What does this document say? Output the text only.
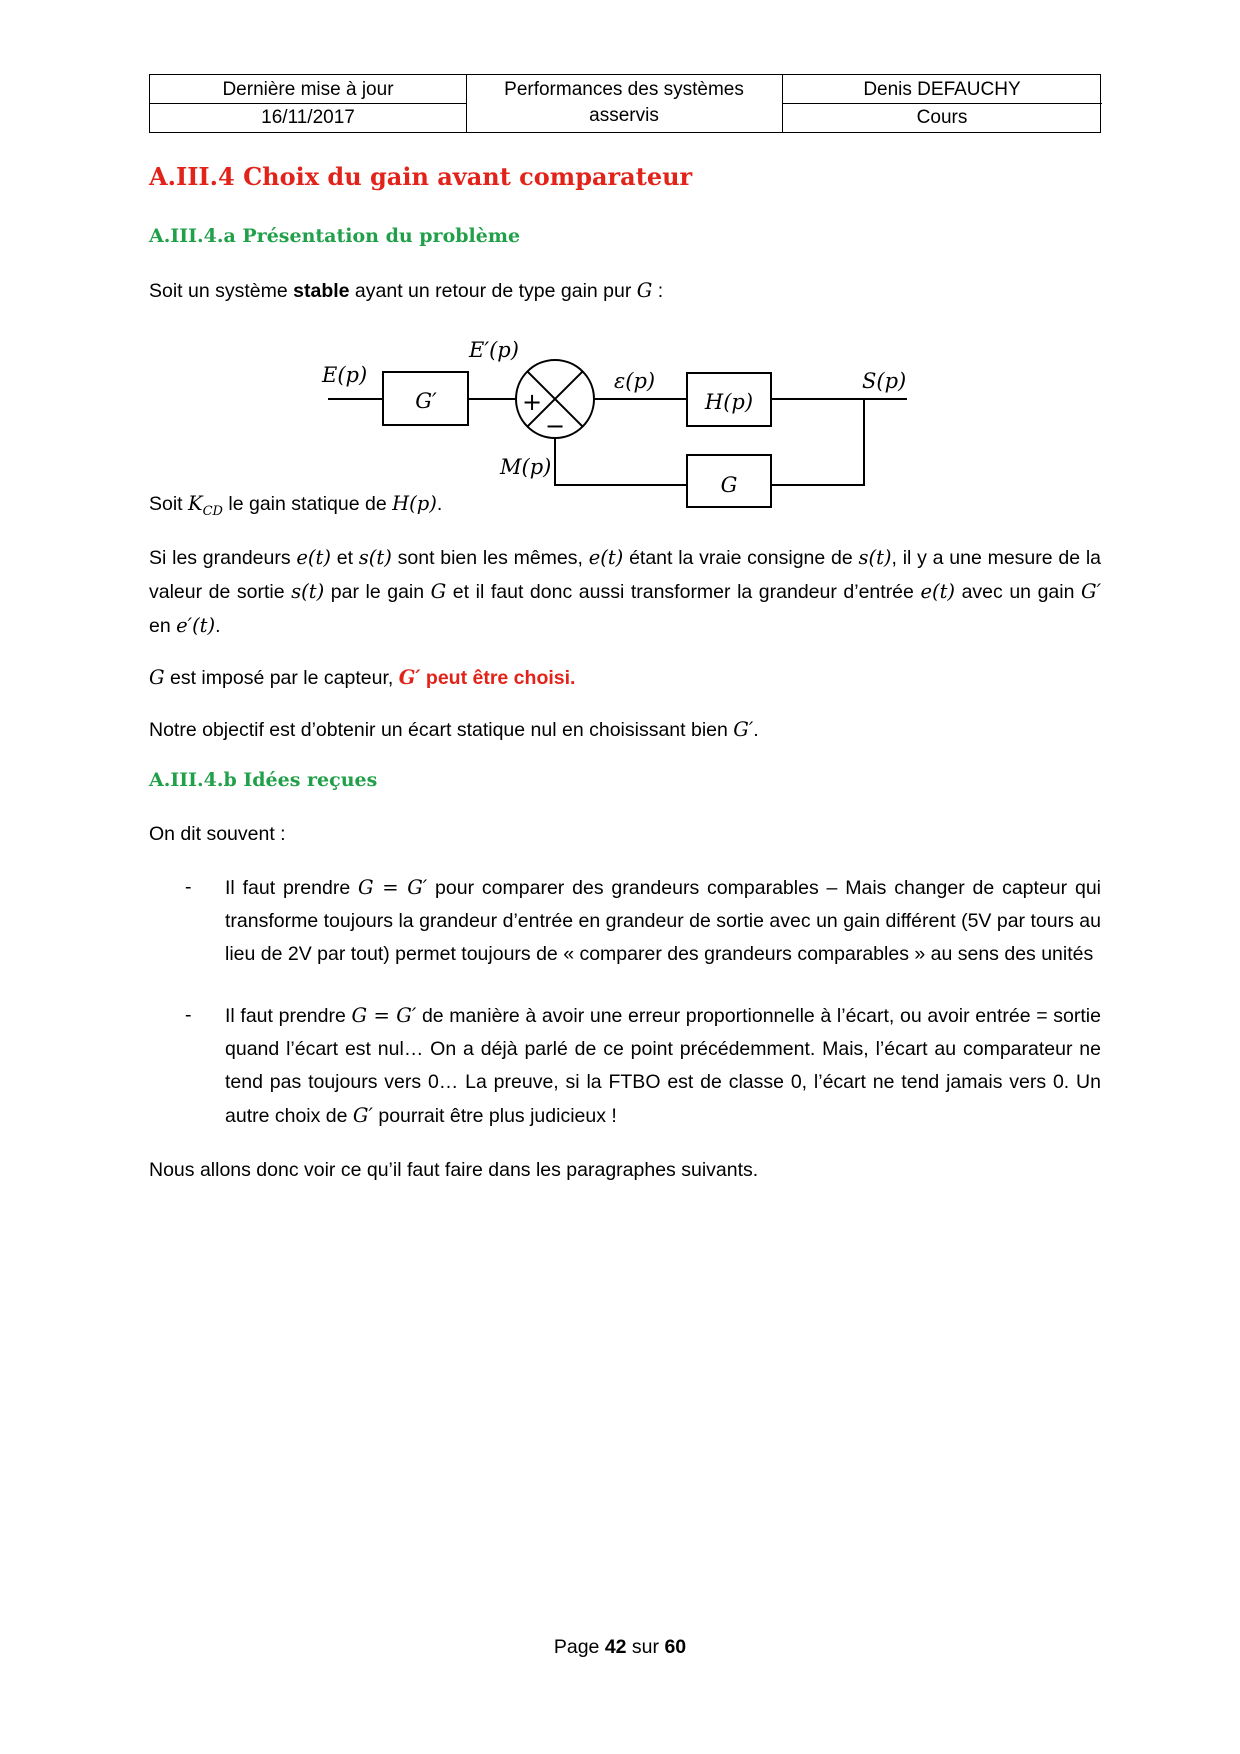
Dernière mise à jour
16/11/2017
Performances des systèmes
asservis
Denis DEFAUCHY
Cours
A.III.4 Choix du gain avant comparateur
A.III.4.a Présentation du problème

Soit un système stable ayant un retour de type gain pur G :

E(p)
G′
E′(p)
ε(p)
H(p)
S(p)
M(p)
G
+
−

Soit $K_{CD}$ le gain statique de H(p).

Si les grandeurs e(t) et s(t) sont bien les mêmes, e(t) étant la vraie consigne de s(t), il y a une mesure de la valeur de sortie s(t) par le gain G et il faut donc aussi transformer la grandeur d’entrée e(t) avec un gain G′ en e′(t).

G est imposé par le capteur, G′ peut être choisi.

Notre objectif est d’obtenir un écart statique nul en choisissant bien G′.

A.III.4.b Idées reçues

On dit souvent :

- Il faut prendre G = G′ pour comparer des grandeurs comparables – Mais changer de capteur qui transforme toujours la grandeur d’entrée en grandeur de sortie avec un gain différent (5V par tours au lieu de 2V par tout) permet toujours de « comparer des grandeurs comparables » au sens des unités
- Il faut prendre G = G′ de manière à avoir une erreur proportionnelle à l’écart, ou avoir entrée = sortie quand l’écart est nul… On a déjà parlé de ce point précédemment. Mais, l’écart au comparateur ne tend pas toujours vers 0… La preuve, si la FTBO est de classe 0, l’écart ne tend jamais vers 0. Un autre choix de G′ pourrait être plus judicieux !

Nous allons donc voir ce qu’il faut faire dans les paragraphes suivants.

Page 42 sur 60
